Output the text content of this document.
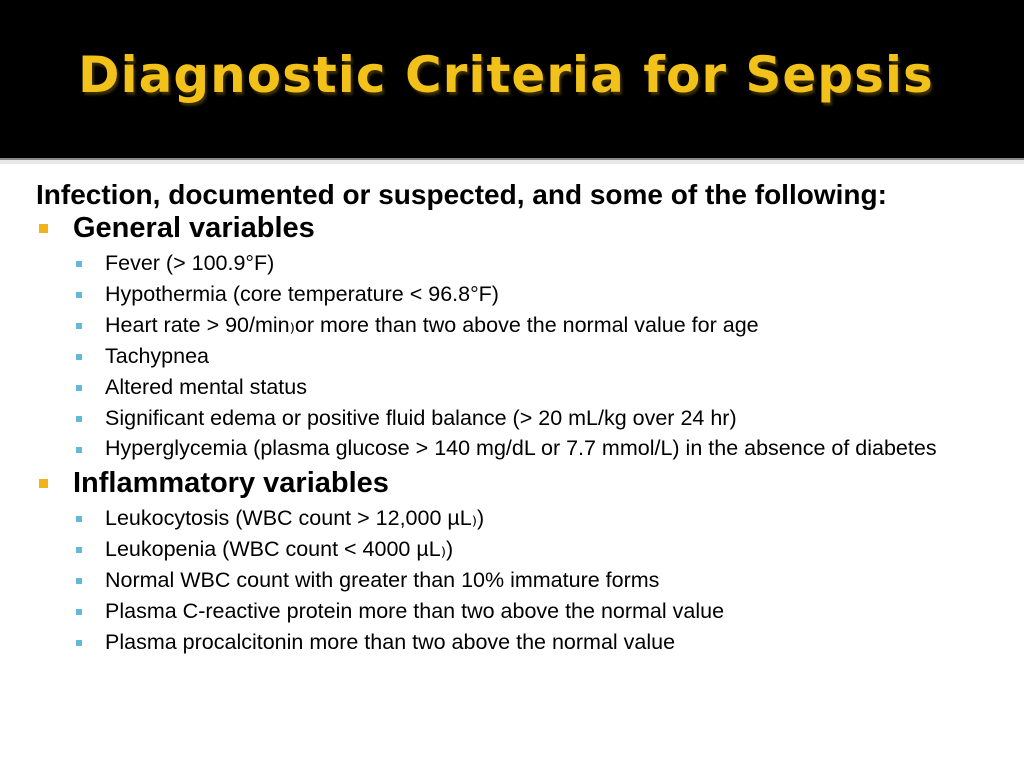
Diagnostic Criteria for Sepsis

Infection, documented or suspected, and some of the following:

General variables
Fever (> 100.9°F)
Hypothermia (core temperature < 96.8°F)
Heart rate > 90/min₎or more than two above the normal value for age
Tachypnea
Altered mental status
Significant edema or positive fluid balance (> 20 mL/kg over 24 hr)
Hyperglycemia (plasma glucose > 140 mg/dL or 7.7 mmol/L) in the absence of diabetes
Inflammatory variables
Leukocytosis (WBC count > 12,000 µL₎)
Leukopenia (WBC count < 4000 µL₎)
Normal WBC count with greater than 10% immature forms
Plasma C-reactive protein more than two above the normal value
Plasma procalcitonin more than two above the normal value
